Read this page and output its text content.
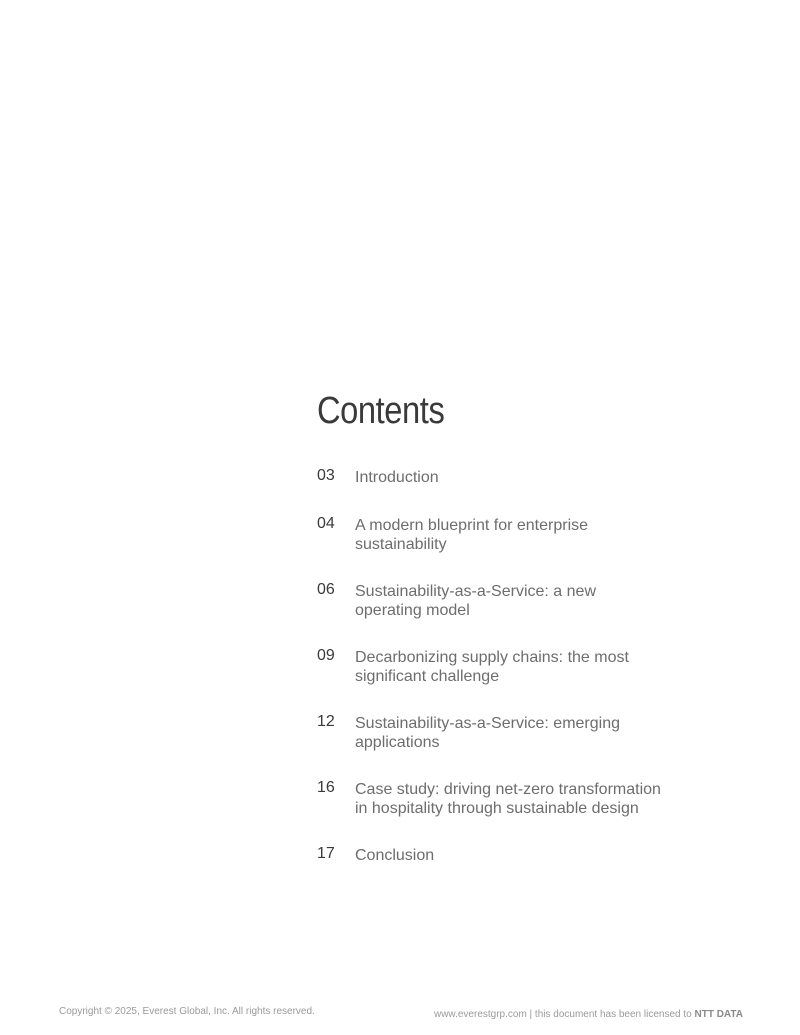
Contents
03	Introduction
04	A modern blueprint for enterprise sustainability
06	Sustainability-as-a-Service: a new operating model
09	Decarbonizing supply chains: the most significant challenge
12	Sustainability-as-a-Service: emerging applications
16	Case study: driving net-zero transformation in hospitality through sustainable design
17	Conclusion
Copyright © 2025, Everest Global, Inc. All rights reserved.	www.everestgrp.com | this document has been licensed to NTT DATA
